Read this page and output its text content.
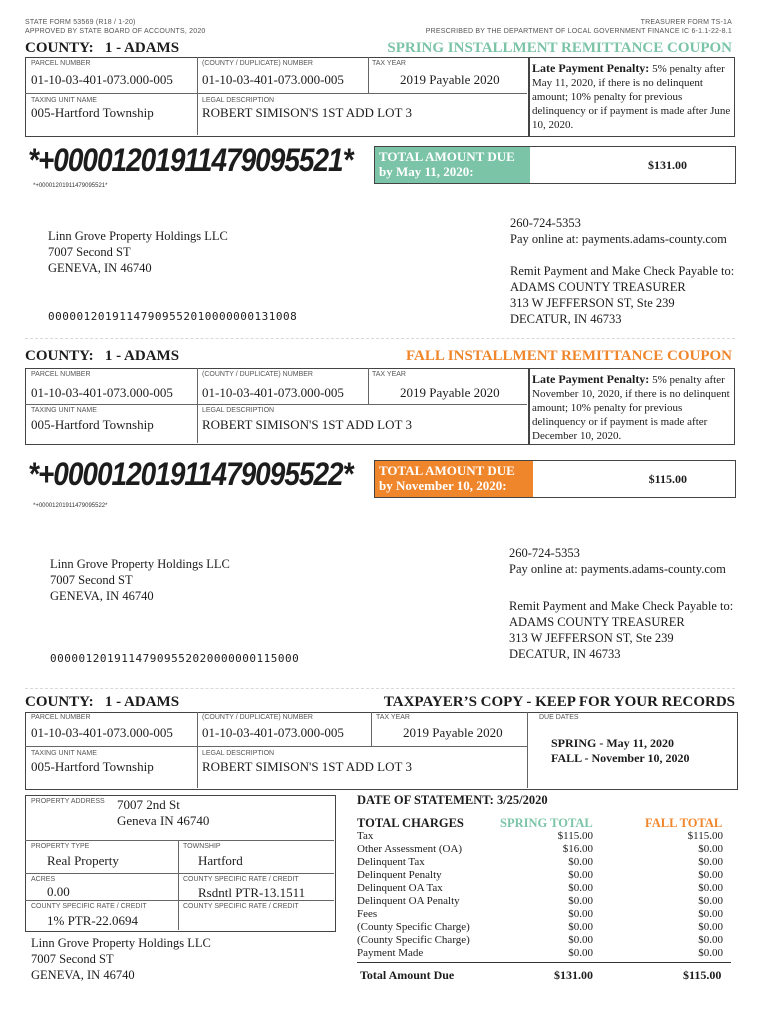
STATE FORM 53569 (R18 / 1-20)
APPROVED BY STATE BOARD OF ACCOUNTS, 2020
TREASURER FORM TS-1A
PRESCRIBED BY THE DEPARTMENT OF LOCAL GOVERNMENT FINANCE IC 6-1.1-22-8.1
COUNTY: 1 - ADAMS	SPRING INSTALLMENT REMITTANCE COUPON
PARCEL NUMBER
01-10-03-401-073.000-005
(COUNTY / DUPLICATE) NUMBER
01-10-03-401-073.000-005
TAX YEAR
2019 Payable 2020
TAXING UNIT NAME
005-Hartford Township
LEGAL DESCRIPTION
ROBERT SIMISON'S 1ST ADD LOT 3
Late Payment Penalty: 5% penalty after May 11, 2020, if there is no delinquent amount; 10% penalty for previous delinquency or if payment is made after June 10, 2020.
*+0000120191147909552​1*
*+00001201911479095521*
TOTAL AMOUNT DUE
by May 11, 2020:	$131.00
Linn Grove Property Holdings LLC
7007 Second ST
GENEVA, IN 46740
260-724-5353
Pay online at: payments.adams-county.com
Remit Payment and Make Check Payable to:
ADAMS COUNTY TREASURER
313 W JEFFERSON ST, Ste 239
DECATUR, IN 46733
00000120191147909552010000000131008
COUNTY: 1 - ADAMS	FALL INSTALLMENT REMITTANCE COUPON
PARCEL NUMBER
01-10-03-401-073.000-005
(COUNTY / DUPLICATE) NUMBER
01-10-03-401-073.000-005
TAX YEAR
2019 Payable 2020
TAXING UNIT NAME
005-Hartford Township
LEGAL DESCRIPTION
ROBERT SIMISON'S 1ST ADD LOT 3
Late Payment Penalty: 5% penalty after November 10, 2020, if there is no delinquent amount; 10% penalty for previous delinquency or if payment is made after December 10, 2020.
*+00001201911479095522*
*+00001201911479095522*
TOTAL AMOUNT DUE
by November 10, 2020:	$115.00
Linn Grove Property Holdings LLC
7007 Second ST
GENEVA, IN 46740
260-724-5353
Pay online at: payments.adams-county.com
Remit Payment and Make Check Payable to:
ADAMS COUNTY TREASURER
313 W JEFFERSON ST, Ste 239
DECATUR, IN 46733
00000120191147909552020000000115000
COUNTY: 1 - ADAMS	TAXPAYER’S COPY - KEEP FOR YOUR RECORDS
PARCEL NUMBER
01-10-03-401-073.000-005
(COUNTY / DUPLICATE) NUMBER
01-10-03-401-073.000-005
TAX YEAR
2019 Payable 2020
TAXING UNIT NAME
005-Hartford Township
LEGAL DESCRIPTION
ROBERT SIMISON'S 1ST ADD LOT 3
DUE DATES
SPRING - May 11, 2020
FALL - November 10, 2020
PROPERTY ADDRESS 7007 2nd St
Geneva IN 46740
PROPERTY TYPE
Real Property
TOWNSHIP
Hartford
ACRES
0.00
COUNTY SPECIFIC RATE / CREDIT
Rsdntl PTR-13.1511
COUNTY SPECIFIC RATE / CREDIT
1% PTR-22.0694
COUNTY SPECIFIC RATE / CREDIT
Linn Grove Property Holdings LLC
7007 Second ST
GENEVA, IN 46740
DATE OF STATEMENT: 3/25/2020
TOTAL CHARGES	SPRING TOTAL	FALL TOTAL
Tax	$115.00	$115.00
Other Assessment (OA)	$16.00	$0.00
Delinquent Tax	$0.00	$0.00
Delinquent Penalty	$0.00	$0.00
Delinquent OA Tax	$0.00	$0.00
Delinquent OA Penalty	$0.00	$0.00
Fees	$0.00	$0.00
(County Specific Charge)	$0.00	$0.00
(County Specific Charge)	$0.00	$0.00
Payment Made	$0.00	$0.00
Total Amount Due	$131.00	$115.00
